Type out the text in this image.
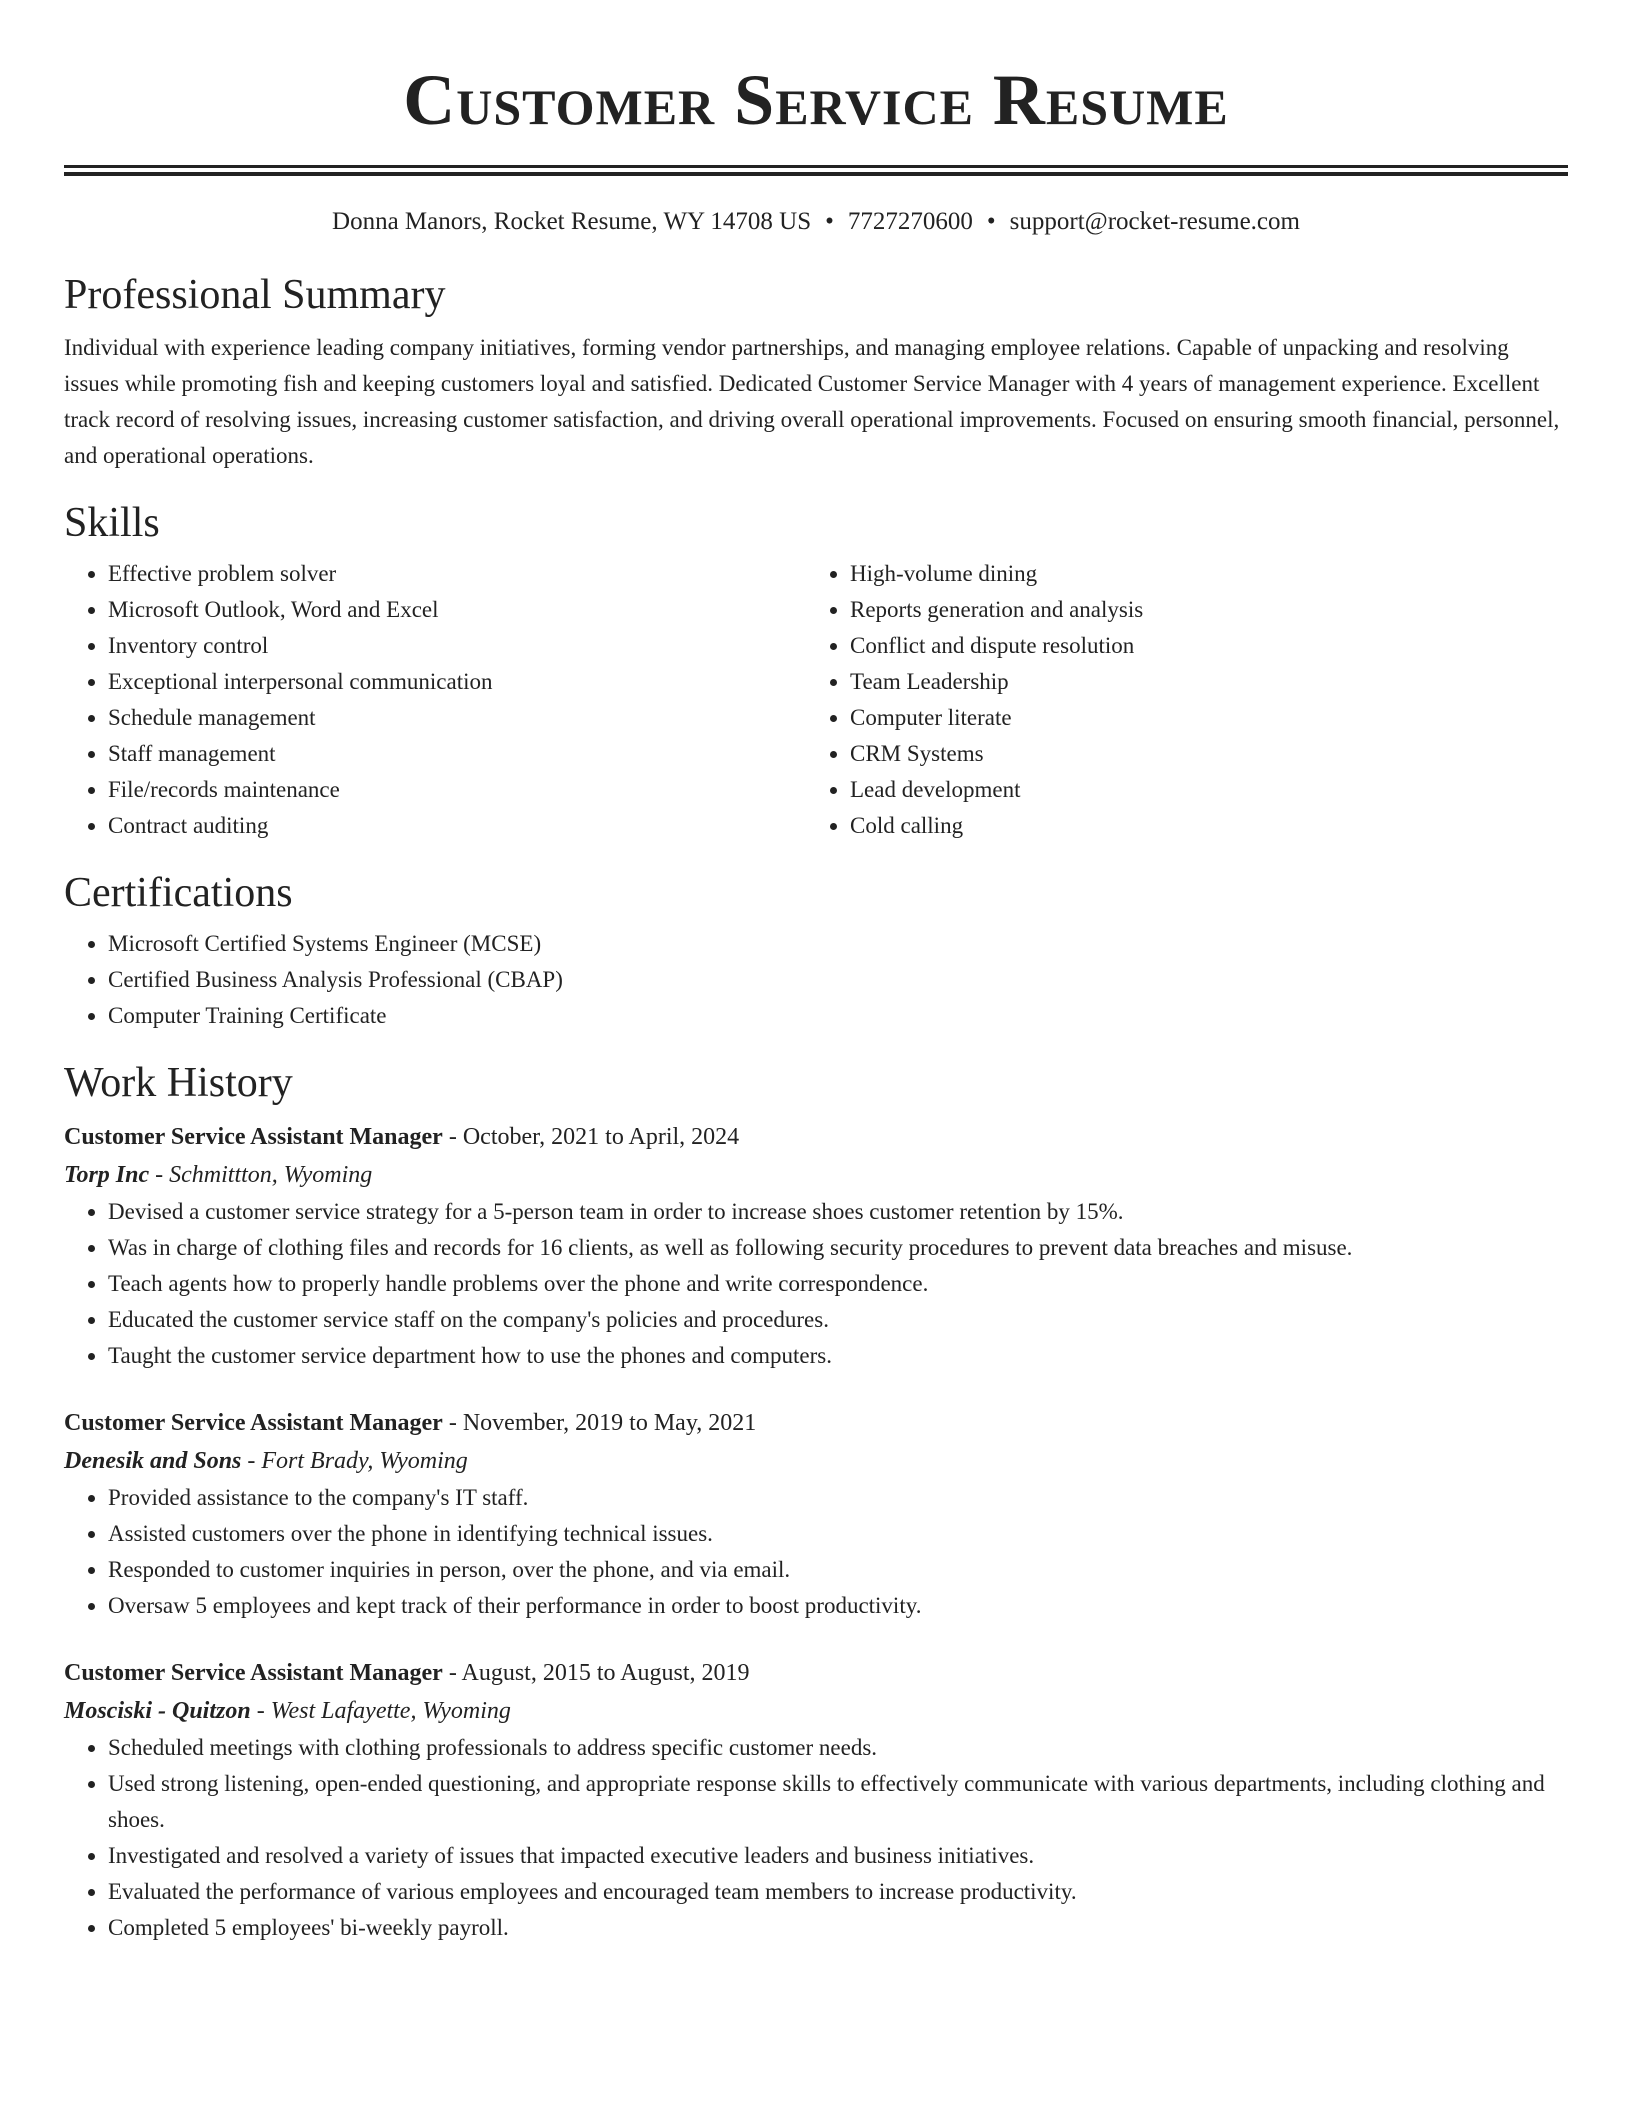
Customer Service Resume
Donna Manors, Rocket Resume, WY 14708 US • 7727270600 • support@rocket-resume.com
Professional Summary

Individual with experience leading company initiatives, forming vendor partnerships, and managing employee relations. Capable of unpacking and resolving issues while promoting fish and keeping customers loyal and satisfied. Dedicated Customer Service Manager with 4 years of management experience. Excellent track record of resolving issues, increasing customer satisfaction, and driving overall operational improvements. Focused on ensuring smooth financial, personnel, and operational operations.

Skills
• Effective problem solver
• Microsoft Outlook, Word and Excel
• Inventory control
• Exceptional interpersonal communication
• Schedule management
• Staff management
• File/records maintenance
• Contract auditing
• High-volume dining
• Reports generation and analysis
• Conflict and dispute resolution
• Team Leadership
• Computer literate
• CRM Systems
• Lead development
• Cold calling
Certifications
• Microsoft Certified Systems Engineer (MCSE)
• Certified Business Analysis Professional (CBAP)
• Computer Training Certificate
Work History
Customer Service Assistant Manager - October, 2021 to April, 2024
Torp Inc - Schmittton, Wyoming
• Devised a customer service strategy for a 5-person team in order to increase shoes customer retention by 15%.
• Was in charge of clothing files and records for 16 clients, as well as following security procedures to prevent data breaches and misuse.
• Teach agents how to properly handle problems over the phone and write correspondence.
• Educated the customer service staff on the company's policies and procedures.
• Taught the customer service department how to use the phones and computers.
Customer Service Assistant Manager - November, 2019 to May, 2021
Denesik and Sons - Fort Brady, Wyoming
• Provided assistance to the company's IT staff.
• Assisted customers over the phone in identifying technical issues.
• Responded to customer inquiries in person, over the phone, and via email.
• Oversaw 5 employees and kept track of their performance in order to boost productivity.
Customer Service Assistant Manager - August, 2015 to August, 2019
Mosciski - Quitzon - West Lafayette, Wyoming
• Scheduled meetings with clothing professionals to address specific customer needs.
• Used strong listening, open-ended questioning, and appropriate response skills to effectively communicate with various departments, including clothing and shoes.
• Investigated and resolved a variety of issues that impacted executive leaders and business initiatives.
• Evaluated the performance of various employees and encouraged team members to increase productivity.
• Completed 5 employees' bi-weekly payroll.
